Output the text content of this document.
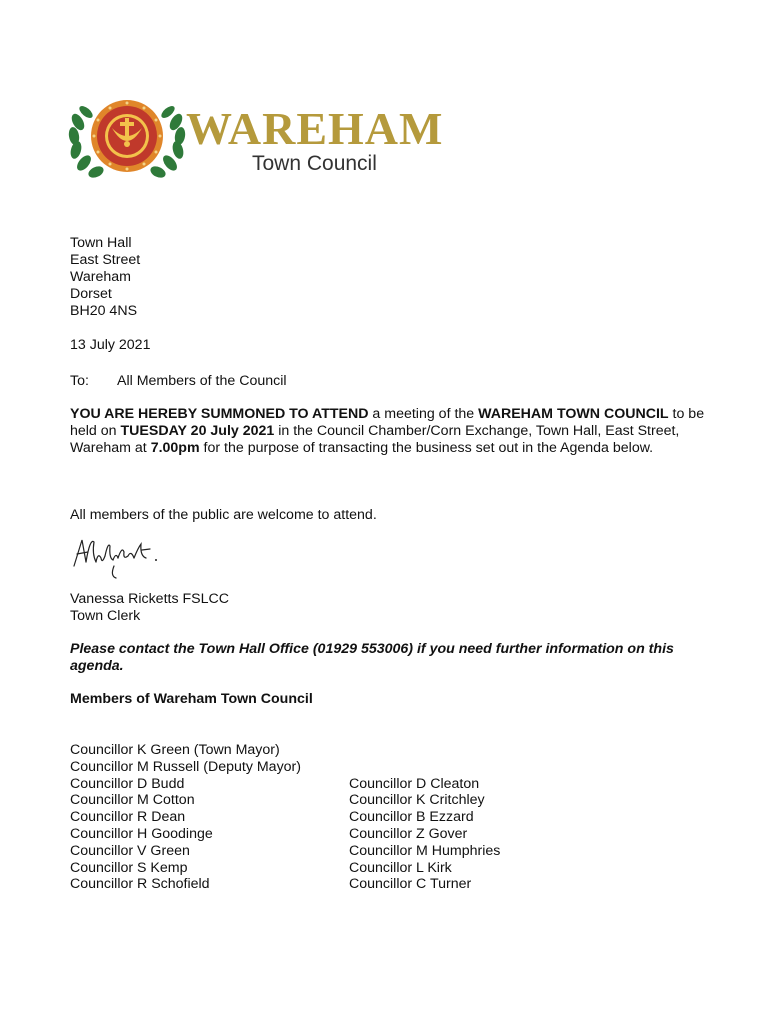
WAREHAM
Town Council
Town Hall
East Street
Wareham
Dorset
BH20 4NS
13 July 2021
To: All Members of the Council
YOU ARE HEREBY SUMMONED TO ATTEND a meeting of the WAREHAM TOWN COUNCIL to be held on TUESDAY 20 July 2021 in the Council Chamber/Corn Exchange, Town Hall, East Street, Wareham at 7.00pm for the purpose of transacting the business set out in the Agenda below.
All members of the public are welcome to attend.
Vanessa Ricketts FSLCC
Town Clerk
Please contact the Town Hall Office (01929 553006) if you need further information on this agenda.
Members of Wareham Town Council
Councillor K Green (Town Mayor)
Councillor M Russell (Deputy Mayor)
Councillor D Budd
Councillor M Cotton
Councillor R Dean
Councillor H Goodinge
Councillor V Green
Councillor S Kemp
Councillor R Schofield
Councillor D Cleaton
Councillor K Critchley
Councillor B Ezzard
Councillor Z Gover
Councillor M Humphries
Councillor L Kirk
Councillor C Turner
